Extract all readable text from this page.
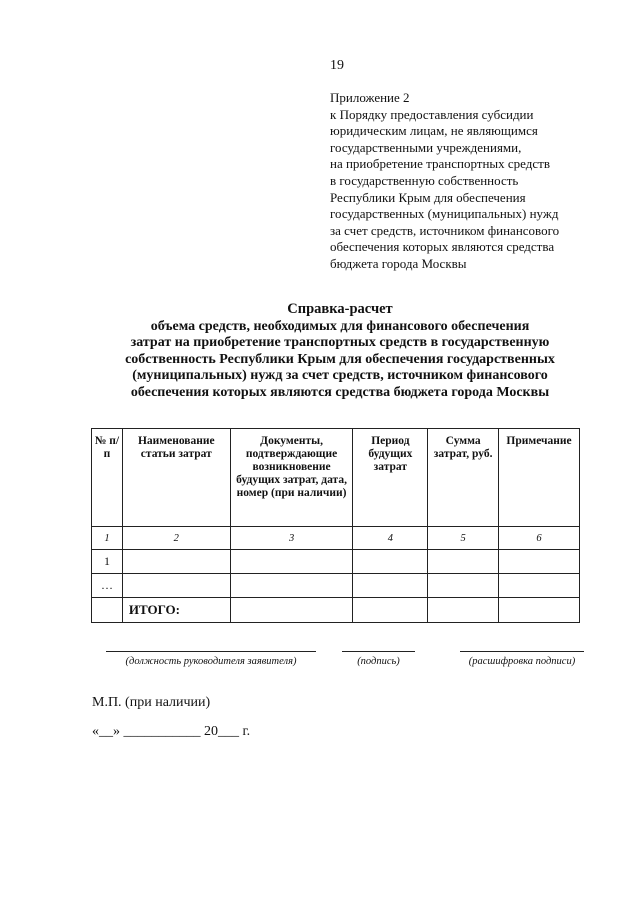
19
Приложение 2
к Порядку предоставления субсидии
юридическим лицам, не являющимся
государственными учреждениями,
на приобретение транспортных средств
в государственную собственность
Республики Крым для обеспечения
государственных (муниципальных) нужд
за счет средств, источником финансового
обеспечения которых являются средства
бюджета города Москвы
Справка-расчет
объема средств, необходимых для финансового обеспечения
затрат на приобретение транспортных средств в государственную
собственность Республики Крым для обеспечения государственных
(муниципальных) нужд за счет средств, источником финансового
обеспечения которых являются средства бюджета города Москвы
№ п/п	Наименование статьи затрат	Документы, подтверждающие возникновение будущих затрат, дата, номер (при наличии)	Период будущих затрат	Сумма затрат, руб.	Примечание
1	2	3	4	5	6
1					
…					
	ИТОГО:				
(должность руководителя заявителя)	(подпись)	(расшифровка подписи)
М.П. (при наличии)
«__» ___________ 20___ г.
